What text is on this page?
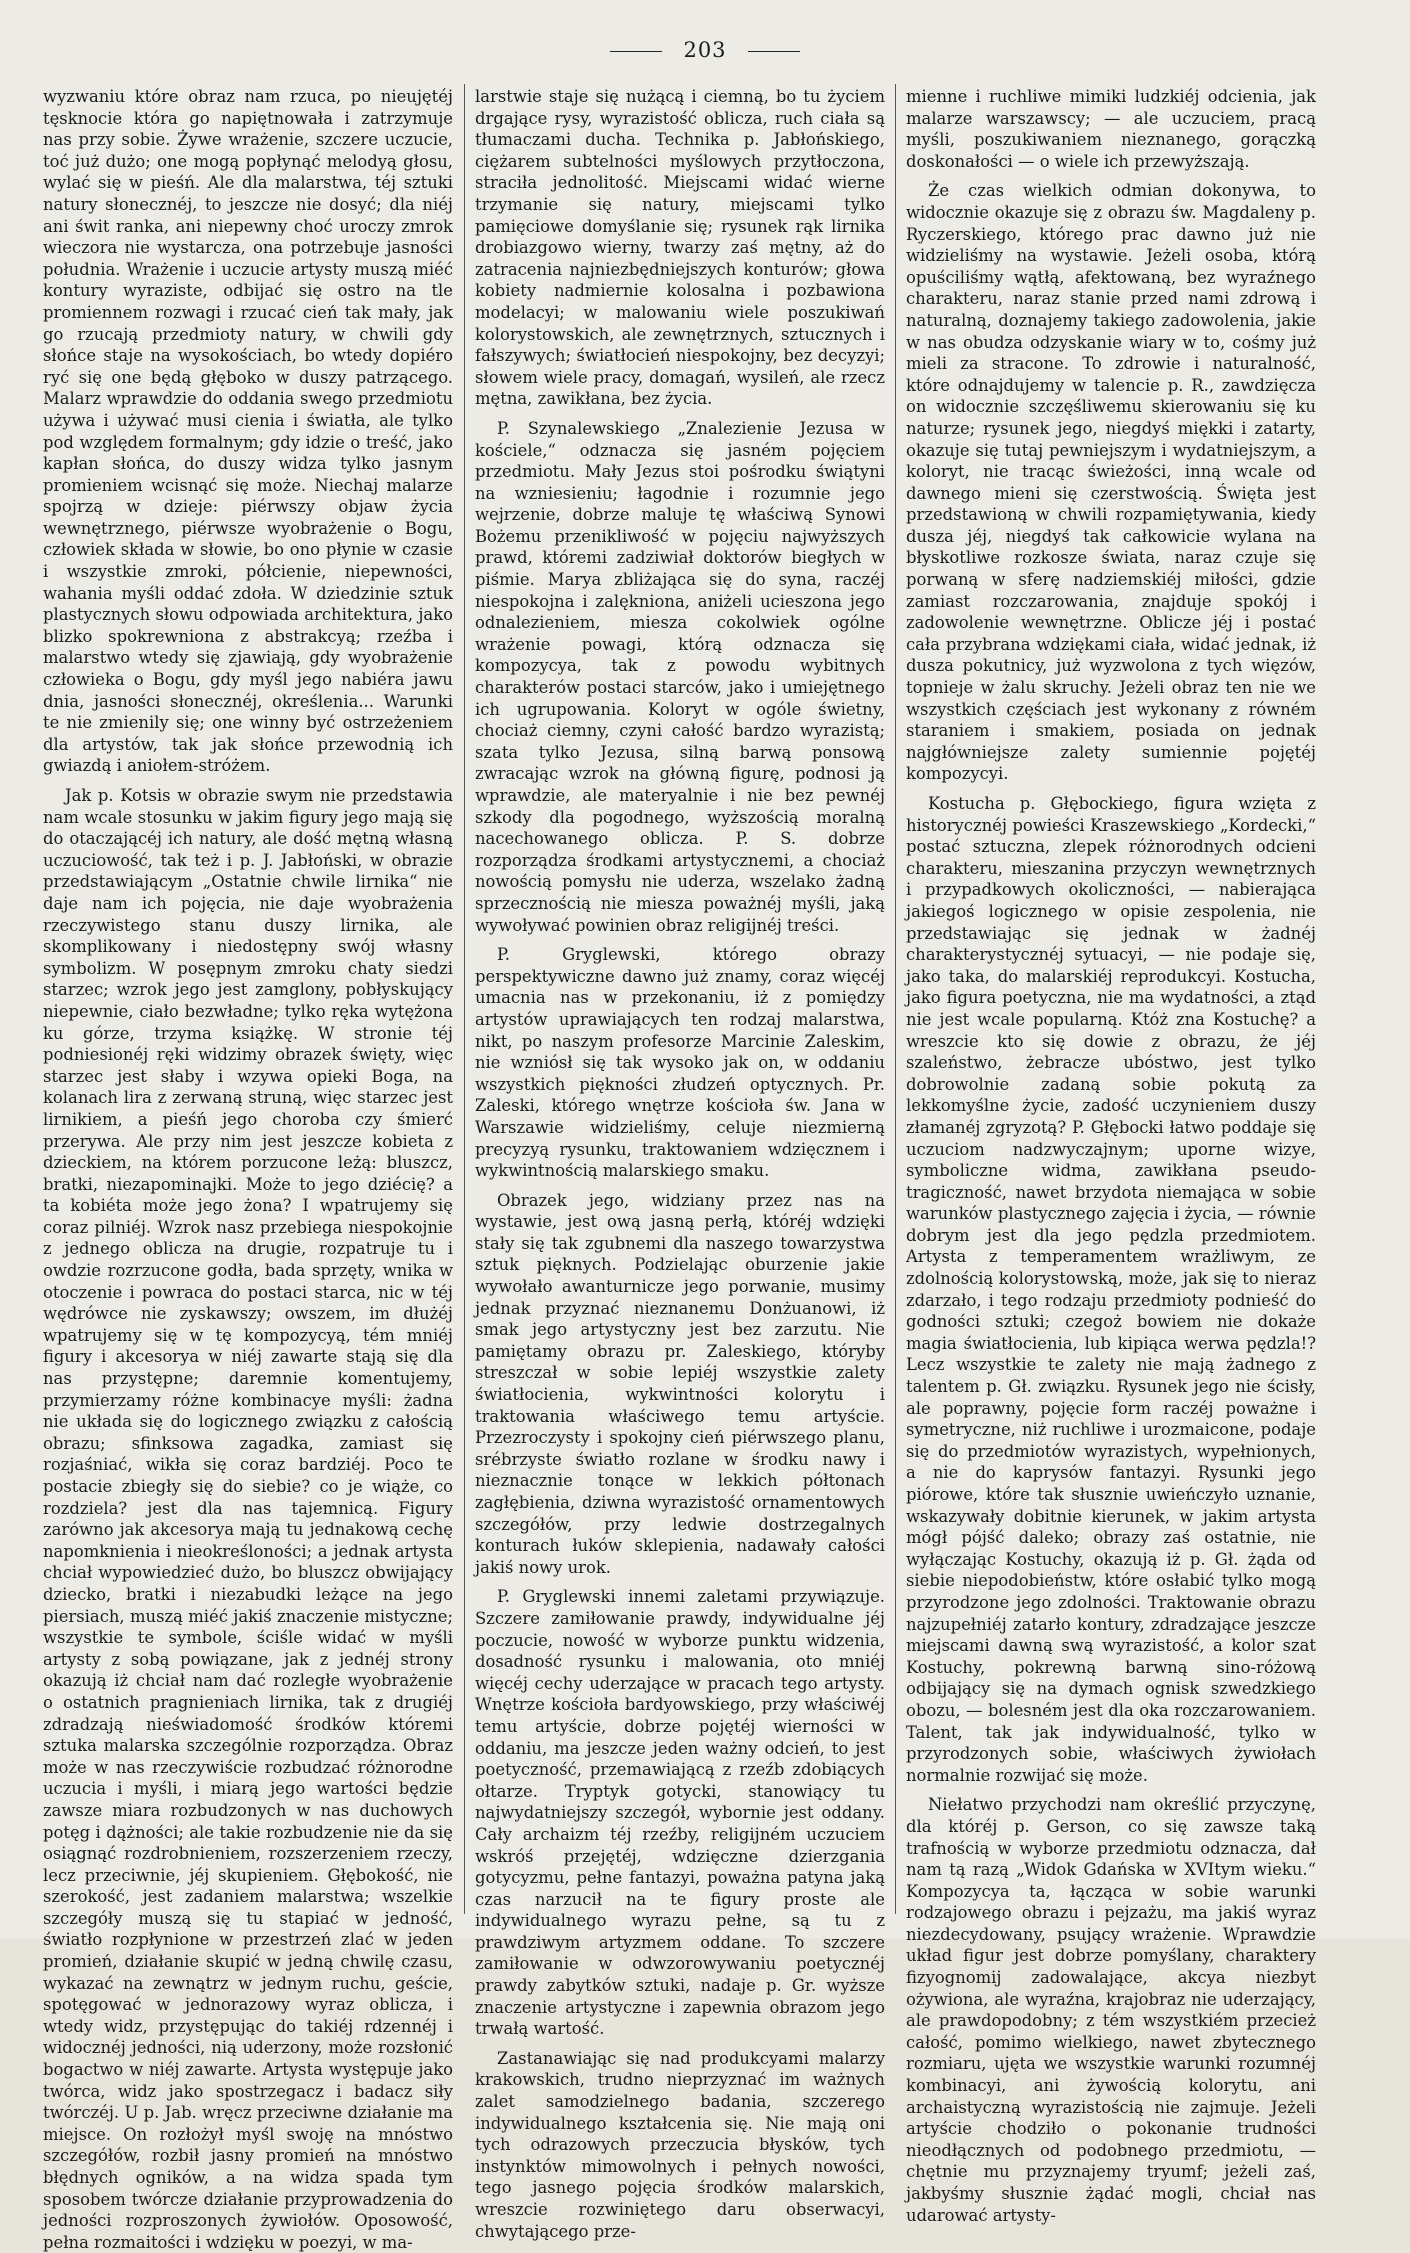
203

wyzwaniu które obraz nam rzuca, po nieujętéj tęsknocie która go napiętnowała i zatrzymuje nas przy sobie. Żywe wrażenie, szczere uczucie, toć już dużo; one mogą popłynąć melodyą głosu, wylać się w pieśń. Ale dla malarstwa, téj sztuki natury słonecznéj, to jeszcze nie dosyć; dla niéj ani świt ranka, ani niepewny choć uroczy zmrok wieczora nie wystarcza, ona potrzebuje jasności południa. Wrażenie i uczucie artysty muszą miéć kontury wyraziste, odbijać się ostro na tle promiennem rozwagi i rzucać cień tak mały, jak go rzucają przedmioty natury, w chwili gdy słońce staje na wysokościach, bo wtedy dopiéro ryć się one będą głęboko w duszy patrzącego. Malarz wprawdzie do oddania swego przedmiotu używa i używać musi cienia i światła, ale tylko pod względem formalnym; gdy idzie o treść, jako kapłan słońca, do duszy widza tylko jasnym promieniem wcisnąć się może. Niechaj malarze spojrzą w dzieje: piérwszy objaw życia wewnętrznego, piérwsze wyobrażenie o Bogu, człowiek składa w słowie, bo ono płynie w czasie i wszystkie zmroki, półcienie, niepewności, wahania myśli oddać zdoła. W dziedzinie sztuk plastycznych słowu odpowiada architektura, jako blizko spokrewniona z abstrakcyą; rzeźba i malarstwo wtedy się zjawiają, gdy wyobrażenie człowieka o Bogu, gdy myśl jego nabiéra jawu dnia, jasności słonecznéj, określenia... Warunki te nie zmienily się; one winny być ostrzeżeniem dla artystów, tak jak słońce przewodnią ich gwiazdą i aniołem-stróżem.

Jak p. Kotsis w obrazie swym nie przedstawia nam wcale stosunku w jakim figury jego mają się do otaczającéj ich natury, ale dość mętną własną uczuciowość, tak też i p. J. Jabłoński, w obrazie przedstawiającym „Ostatnie chwile lirnika“ nie daje nam ich pojęcia, nie daje wyobrażenia rzeczywistego stanu duszy lirnika, ale skomplikowany i niedostępny swój własny symbolizm. W posępnym zmroku chaty siedzi starzec; wzrok jego jest zamglony, pobłyskujący niepewnie, ciało bezwładne; tylko ręka wytężona ku górze, trzyma książkę. W stronie téj podniesionéj ręki widzimy obrazek święty, więc starzec jest słaby i wzywa opieki Boga, na kolanach lira z zerwaną struną, więc starzec jest lirnikiem, a pieśń jego choroba czy śmierć przerywa. Ale przy nim jest jeszcze kobieta z dzieckiem, na którem porzucone leżą: bluszcz, bratki, niezapominajki. Może to jego dziécię? a ta kobiéta może jego żona? I wpatrujemy się coraz pilniéj. Wzrok nasz przebiega niespokojnie z jednego oblicza na drugie, rozpatruje tu i owdzie rozrzucone godła, bada sprzęty, wnika w otoczenie i powraca do postaci starca, nic w téj wędrówce nie zyskawszy; owszem, im dłużéj wpatrujemy się w tę kompozycyą, tém mniéj figury i akcesorya w niéj zawarte stają się dla nas przystępne; daremnie komentujemy, przymierzamy różne kombinacye myśli: żadna nie układa się do logicznego związku z całością obrazu; sfinksowa zagadka, zamiast się rozjaśniać, wikła się coraz bardziéj. Poco te postacie zbiegły się do siebie? co je wiąże, co rozdziela? jest dla nas tajemnicą. Figury zarówno jak akcesorya mają tu jednakową cechę napomknienia i nieokreśloności; a jednak artysta chciał wypowiedzieć dużo, bo bluszcz obwijający dziecko, bratki i niezabudki leżące na jego piersiach, muszą miéć jakiś znaczenie mistyczne; wszystkie te symbole, ściśle widać w myśli artysty z sobą powiązane, jak z jednéj strony okazują iż chciał nam dać rozległe wyobrażenie o ostatnich pragnieniach lirnika, tak z drugiéj zdradzają nieświadomość środków któremi sztuka malarska szczególnie rozporządza. Obraz może w nas rzeczywiście rozbudzać różnorodne uczucia i myśli, i miarą jego wartości będzie zawsze miara rozbudzonych w nas duchowych potęg i dążności; ale takie rozbudzenie nie da się osiągnąć rozdrobnieniem, rozszerzeniem rzeczy, lecz przeciwnie, jéj skupieniem. Głębokość, nie szerokość, jest zadaniem malarstwa; wszelkie szczegóły muszą się tu stapiać w jedność, światło rozpłynione w przestrzeń zlać w jeden promień, działanie skupić w jedną chwilę czasu, wykazać na zewnątrz w jednym ruchu, geście, spotęgować w jednorazowy wyraz oblicza, i wtedy widz, przystępując do takiéj rdzennéj i widocznéj jedności, nią uderzony, może rozsłonić bogactwo w niéj zawarte. Artysta występuje jako twórca, widz jako spostrzegacz i badacz siły twórczéj. U p. Jab. wręcz przeciwne działanie ma miejsce. On rozłożył myśl swoję na mnóstwo szczegółów, rozbił jasny promień na mnóstwo błędnych ogników, a na widza spada tym sposobem twórcze działanie przyprowadzenia do jedności rozproszonych żywiołów. Oposowość, pełna rozmaitości i wdzięku w poezyi, w ma-

larstwie staje się nużącą i ciemną, bo tu życiem drgające rysy, wyrazistość oblicza, ruch ciała są tłumaczami ducha. Technika p. Jabłońskiego, ciężarem subtelności myślowych przytłoczona, straciła jednolitość. Miejscami widać wierne trzymanie się natury, miejscami tylko pamięciowe domyślanie się; rysunek rąk lirnika drobiazgowo wierny, twarzy zaś mętny, aż do zatracenia najniezbędniejszych konturów; głowa kobiety nadmiernie kolosalna i pozbawiona modelacyi; w malowaniu wiele poszukiwań kolorystowskich, ale zewnętrznych, sztucznych i fałszywych; światłocień niespokojny, bez decyzyi; słowem wiele pracy, domagań, wysileń, ale rzecz mętna, zawikłana, bez życia.

P. Szynalewskiego „Znalezienie Jezusa w kościele,“ odznacza się jasném pojęciem przedmiotu. Mały Jezus stoi pośrodku świątyni na wzniesieniu; łagodnie i rozumnie jego wejrzenie, dobrze maluje tę właściwą Synowi Bożemu przenikliwość w pojęciu najwyższych prawd, któremi zadziwiał doktorów biegłych w piśmie. Marya zbliżająca się do syna, raczéj niespokojna i zalękniona, aniżeli ucieszona jego odnalezieniem, miesza cokolwiek ogólne wrażenie powagi, którą odznacza się kompozycya, tak z powodu wybitnych charakterów postaci starców, jako i umiejętnego ich ugrupowania. Koloryt w ogóle świetny, chociaż ciemny, czyni całość bardzo wyrazistą; szata tylko Jezusa, silną barwą ponsową zwracając wzrok na główną figurę, podnosi ją wprawdzie, ale materyalnie i nie bez pewnéj szkody dla pogodnego, wyższością moralną nacechowanego oblicza. P. S. dobrze rozporządza środkami artystycznemi, a chociaż nowością pomysłu nie uderza, wszelako żadną sprzecznością nie miesza poważnéj myśli, jaką wywoływać powinien obraz religijnéj treści.

P. Gryglewski, którego obrazy perspektywiczne dawno już znamy, coraz więcéj umacnia nas w przekonaniu, iż z pomiędzy artystów uprawiających ten rodzaj malarstwa, nikt, po naszym profesorze Marcinie Zaleskim, nie wzniósł się tak wysoko jak on, w oddaniu wszystkich piękności złudzeń optycznych. Pr. Zaleski, którego wnętrze kościoła św. Jana w Warszawie widzieliśmy, celuje niezmierną precyzyą rysunku, traktowaniem wdzięcznem i wykwintnością malarskiego smaku.

Obrazek jego, widziany przez nas na wystawie, jest ową jasną perłą, któréj wdzięki stały się tak zgubnemi dla naszego towarzystwa sztuk pięknych. Podzielając oburzenie jakie wywołało awanturnicze jego porwanie, musimy jednak przyznać nieznanemu Donżuanowi, iż smak jego artystyczny jest bez zarzutu. Nie pamiętamy obrazu pr. Zaleskiego, któryby streszczał w sobie lepiéj wszystkie zalety światłocienia, wykwintności kolorytu i traktowania właściwego temu artyście. Przezroczysty i spokojny cień piérwszego planu, srébrzyste światło rozlane w środku nawy i nieznacznie tonące w lekkich półtonach zagłębienia, dziwna wyrazistość ornamentowych szczegółów, przy ledwie dostrzegalnych konturach łuków sklepienia, nadawały całości jakiś nowy urok.

P. Gryglewski innemi zaletami przywiązuje. Szczere zamiłowanie prawdy, indywidualne jéj poczucie, nowość w wyborze punktu widzenia, dosadność rysunku i malowania, oto mniéj więcéj cechy uderzające w pracach tego artysty. Wnętrze kościoła bardyowskiego, przy właściwéj temu artyście, dobrze pojętéj wierności w oddaniu, ma jeszcze jeden ważny odcień, to jest poetyczność, przemawiającą z rzeźb zdobiących ołtarze. Tryptyk gotycki, stanowiący tu najwydatniejszy szczegół, wybornie jest oddany. Cały archaizm téj rzeźby, religijném uczuciem wskróś przejętéj, wdzięczne dzierzgania gotycyzmu, pełne fantazyi, poważna patyna jaką czas narzucił na te figury proste ale indywidualnego wyrazu pełne, są tu z prawdziwym artyzmem oddane. To szczere zamiłowanie w odwzorowywaniu poetycznéj prawdy zabytków sztuki, nadaje p. Gr. wyższe znaczenie artystyczne i zapewnia obrazom jego trwałą wartość.

Zastanawiając się nad produkcyami malarzy krakowskich, trudno nieprzyznać im ważnych zalet samodzielnego badania, szczerego indywidualnego kształcenia się. Nie mają oni tych odrazowych przeczucia błysków, tych instynktów mimowolnych i pełnych nowości, tego jasnego pojęcia środków malarskich, wreszcie rozwiniętego daru obserwacyi, chwytającego prze-

mienne i ruchliwe mimiki ludzkiéj odcienia, jak malarze warszawscy; — ale uczuciem, pracą myśli, poszukiwaniem nieznanego, gorączką doskonałości — o wiele ich przewyższają.

Że czas wielkich odmian dokonywa, to widocznie okazuje się z obrazu św. Magdaleny p. Ryczerskiego, którego prac dawno już nie widzieliśmy na wystawie. Jeżeli osoba, którą opuściliśmy wątłą, afektowaną, bez wyraźnego charakteru, naraz stanie przed nami zdrową i naturalną, doznajemy takiego zadowolenia, jakie w nas obudza odzyskanie wiary w to, cośmy już mieli za stracone. To zdrowie i naturalność, które odnajdujemy w talencie p. R., zawdzięcza on widocznie szczęśliwemu skierowaniu się ku naturze; rysunek jego, niegdyś miękki i zatarty, okazuje się tutaj pewniejszym i wydatniejszym, a koloryt, nie tracąc świeżości, inną wcale od dawnego mieni się czerstwością. Święta jest przedstawioną w chwili rozpamiętywania, kiedy dusza jéj, niegdyś tak całkowicie wylana na błyskotliwe rozkosze świata, naraz czuje się porwaną w sferę nadziemskiéj miłości, gdzie zamiast rozczarowania, znajduje spokój i zadowolenie wewnętrzne. Oblicze jéj i postać cała przybrana wdziękami ciała, widać jednak, iż dusza pokutnicy, już wyzwolona z tych więzów, topnieje w żalu skruchy. Jeżeli obraz ten nie we wszystkich częściach jest wykonany z równém staraniem i smakiem, posiada on jednak najgłówniejsze zalety sumiennie pojętéj kompozycyi.

Kostucha p. Głębockiego, figura wzięta z historycznéj powieści Kraszewskiego „Kordecki,“ postać sztuczna, zlepek różnorodnych odcieni charakteru, mieszanina przyczyn wewnętrznych i przypadkowych okoliczności, — nabierająca jakiegoś logicznego w opisie zespolenia, nie przedstawiając się jednak w żadnéj charakterystycznéj sytuacyi, — nie podaje się, jako taka, do malarskiéj reprodukcyi. Kostucha, jako figura poetyczna, nie ma wydatności, a ztąd nie jest wcale popularną. Któż zna Kostuchę? a wreszcie kto się dowie z obrazu, że jéj szaleństwo, żebracze ubóstwo, jest tylko dobrowolnie zadaną sobie pokutą za lekkomyślne życie, zadość uczynieniem duszy złamanéj zgryzotą? P. Głębocki łatwo poddaje się uczuciom nadzwyczajnym; uporne wizye, symboliczne widma, zawikłana pseudo-tragiczność, nawet brzydota niemająca w sobie warunków plastycznego zajęcia i życia, — równie dobrym jest dla jego pędzla przedmiotem. Artysta z temperamentem wrażliwym, ze zdolnością kolorystowską, może, jak się to nieraz zdarzało, i tego rodzaju przedmioty podnieść do godności sztuki; czegoż bowiem nie dokaże magia światłocienia, lub kipiąca werwa pędzla!? Lecz wszystkie te zalety nie mają żadnego z talentem p. Gł. związku. Rysunek jego nie ścisły, ale poprawny, pojęcie form raczéj poważne i symetryczne, niż ruchliwe i urozmaicone, podaje się do przedmiotów wyrazistych, wypełnionych, a nie do kaprysów fantazyi. Rysunki jego piórowe, które tak słusznie uwieńczyło uznanie, wskazywały dobitnie kierunek, w jakim artysta mógł pójść daleko; obrazy zaś ostatnie, nie wyłączając Kostuchy, okazują iż p. Gł. żąda od siebie niepodobieństw, które osłabić tylko mogą przyrodzone jego zdolności. Traktowanie obrazu najzupełniéj zatarło kontury, zdradzające jeszcze miejscami dawną swą wyrazistość, a kolor szat Kostuchy, pokrewną barwną sino-różową odbijający się na dymach ognisk szwedzkiego obozu, — bolesném jest dla oka rozczarowaniem. Talent, tak jak indywidualność, tylko w przyrodzonych sobie, właściwych żywiołach normalnie rozwijać się może.

Niełatwo przychodzi nam określić przyczynę, dla któréj p. Gerson, co się zawsze taką trafnością w wyborze przedmiotu odznacza, dał nam tą razą „Widok Gdańska w XVItym wieku.“ Kompozycya ta, łącząca w sobie warunki rodzajowego obrazu i pejzażu, ma jakiś wyraz niezdecydowany, psujący wrażenie. Wprawdzie układ figur jest dobrze pomyślany, charaktery fizyognomij zadowalające, akcya niezbyt ożywiona, ale wyraźna, krajobraz nie uderzający, ale prawdopodobny; z tém wszystkiém przecież całość, pomimo wielkiego, nawet zbytecznego rozmiaru, ujęta we wszystkie warunki rozumnéj kombinacyi, ani żywością kolorytu, ani archaistyczną wyrazistością nie zajmuje. Jeżeli artyście chodziło o pokonanie trudności nieodłącznych od podobnego przedmiotu, — chętnie mu przyznajemy tryumf; jeżeli zaś, jakbyśmy słusznie żądać mogli, chciał nas udarować artysty-
